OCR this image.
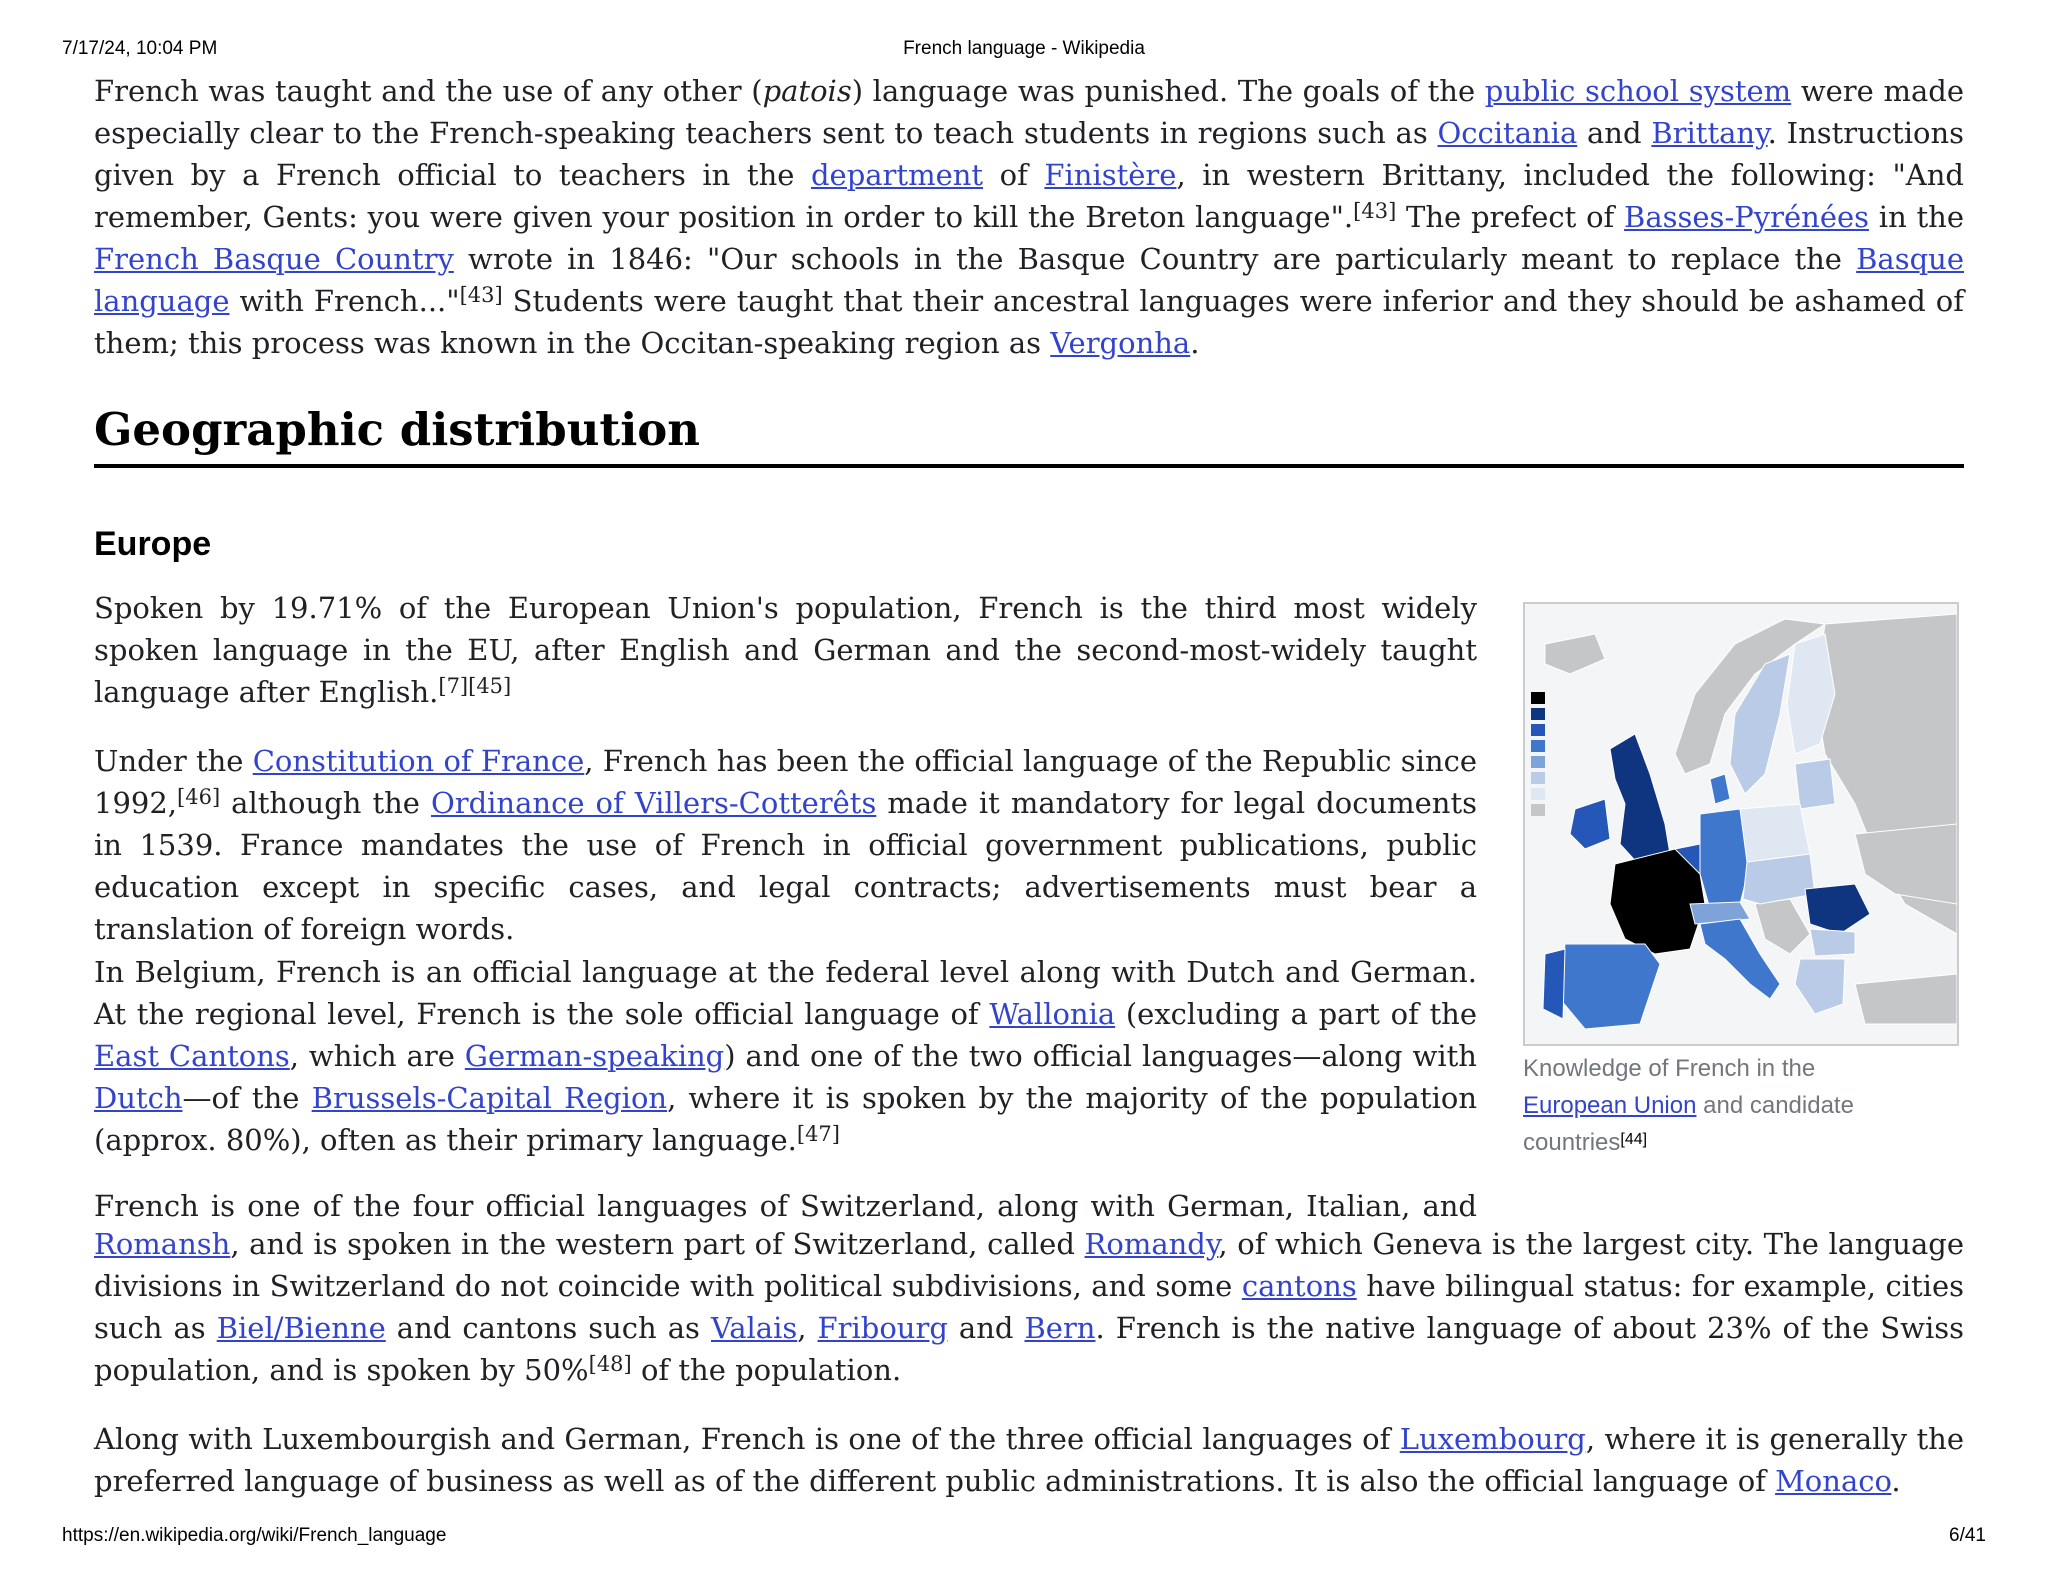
7/17/24, 10:04 PM	French language - Wikipedia

French was taught and the use of any other (patois) language was punished. The goals of the public school system were made especially clear to the French-speaking teachers sent to teach students in regions such as Occitania and Brittany. Instructions given by a French official to teachers in the department of Finistère, in western Brittany, included the following: "And remember, Gents: you were given your position in order to kill the Breton language".[43] The prefect of Basses-Pyrénées in the French Basque Country wrote in 1846: "Our schools in the Basque Country are particularly meant to replace the Basque language with French..."[43] Students were taught that their ancestral languages were inferior and they should be ashamed of them; this process was known in the Occitan-speaking region as Vergonha.

Geographic distribution
Europe

Spoken by 19.71% of the European Union's population, French is the third most widely spoken language in the EU, after English and German and the second-most-widely taught language after English.[7][45]

Under the Constitution of France, French has been the official language of the Republic since 1992,[46] although the Ordinance of Villers-Cotterêts made it mandatory for legal documents in 1539. France mandates the use of French in official government publications, public education except in specific cases, and legal contracts; advertisements must bear a translation of foreign words.

In Belgium, French is an official language at the federal level along with Dutch and German. At the regional level, French is the sole official language of Wallonia (excluding a part of the East Cantons, which are German-speaking) and one of the two official languages—along with Dutch—of the Brussels-Capital Region, where it is spoken by the majority of the population (approx. 80%), often as their primary language.[47]

French is one of the four official languages of Switzerland, along with German, Italian, and

Romansh, and is spoken in the western part of Switzerland, called Romandy, of which Geneva is the largest city. The language divisions in Switzerland do not coincide with political subdivisions, and some cantons have bilingual status: for example, cities such as Biel/Bienne and cantons such as Valais, Fribourg and Bern. French is the native language of about 23% of the Swiss population, and is spoken by 50%[48] of the population.

Along with Luxembourgish and German, French is one of the three official languages of Luxembourg, where it is generally the preferred language of business as well as of the different public administrations. It is also the official language of Monaco.

Knowledge of French in the European Union and candidate countries[44]
https://en.wikipedia.org/wiki/French_language	6/41
